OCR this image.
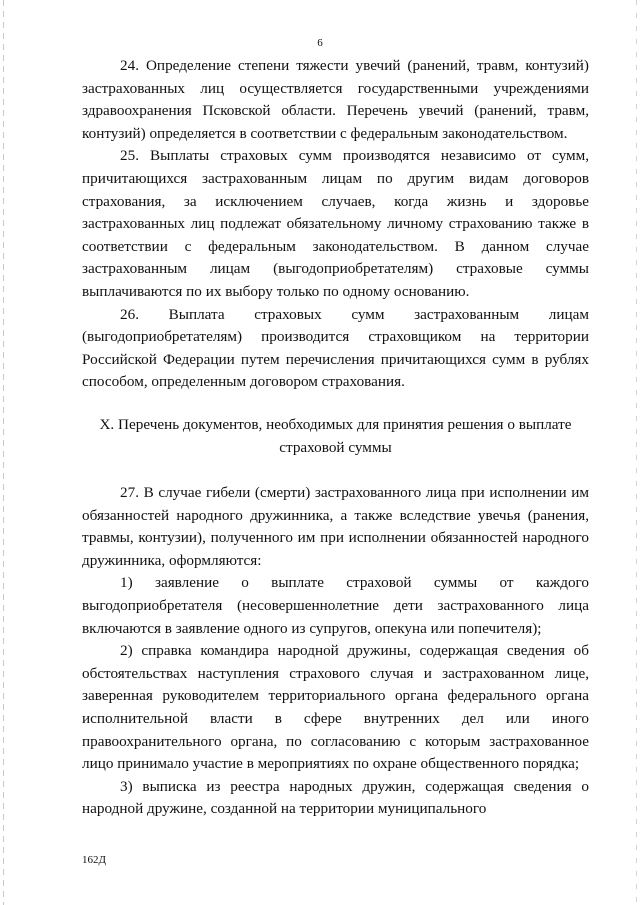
6

24. Определение степени тяжести увечий (ранений, травм, контузий) застрахованных лиц осуществляется государственными учреждениями здравоохранения Псковской области. Перечень увечий (ранений, травм, контузий) определяется в соответствии с федеральным законодательством.

25. Выплаты страховых сумм производятся независимо от сумм, причитающихся застрахованным лицам по другим видам договоров страхования, за исключением случаев, когда жизнь и здоровье застрахованных лиц подлежат обязательному личному страхованию также в соответствии с федеральным законодательством. В данном случае застрахованным лицам (выгодоприобретателям) страховые суммы выплачиваются по их выбору только по одному основанию.

26. Выплата страховых сумм застрахованным лицам (выгодоприобретателям) производится страховщиком на территории Российской Федерации путем перечисления причитающихся сумм в рублях способом, определенным договором страхования.

X. Перечень документов, необходимых для принятия решения о выплате страховой суммы

27. В случае гибели (смерти) застрахованного лица при исполнении им обязанностей народного дружинника, а также вследствие увечья (ранения, травмы, контузии), полученного им при исполнении обязанностей народного дружинника, оформляются:

1) заявление о выплате страховой суммы от каждого выгодоприобретателя (несовершеннолетние дети застрахованного лица включаются в заявление одного из супругов, опекуна или попечителя);

2) справка командира народной дружины, содержащая сведения об обстоятельствах наступления страхового случая и застрахованном лице, заверенная руководителем территориального органа федерального органа исполнительной власти в сфере внутренних дел или иного правоохранительного органа, по согласованию с которым застрахованное лицо принимало участие в мероприятиях по охране общественного порядка;

3) выписка из реестра народных дружин, содержащая сведения о народной дружине, созданной на территории муниципального

162Д
